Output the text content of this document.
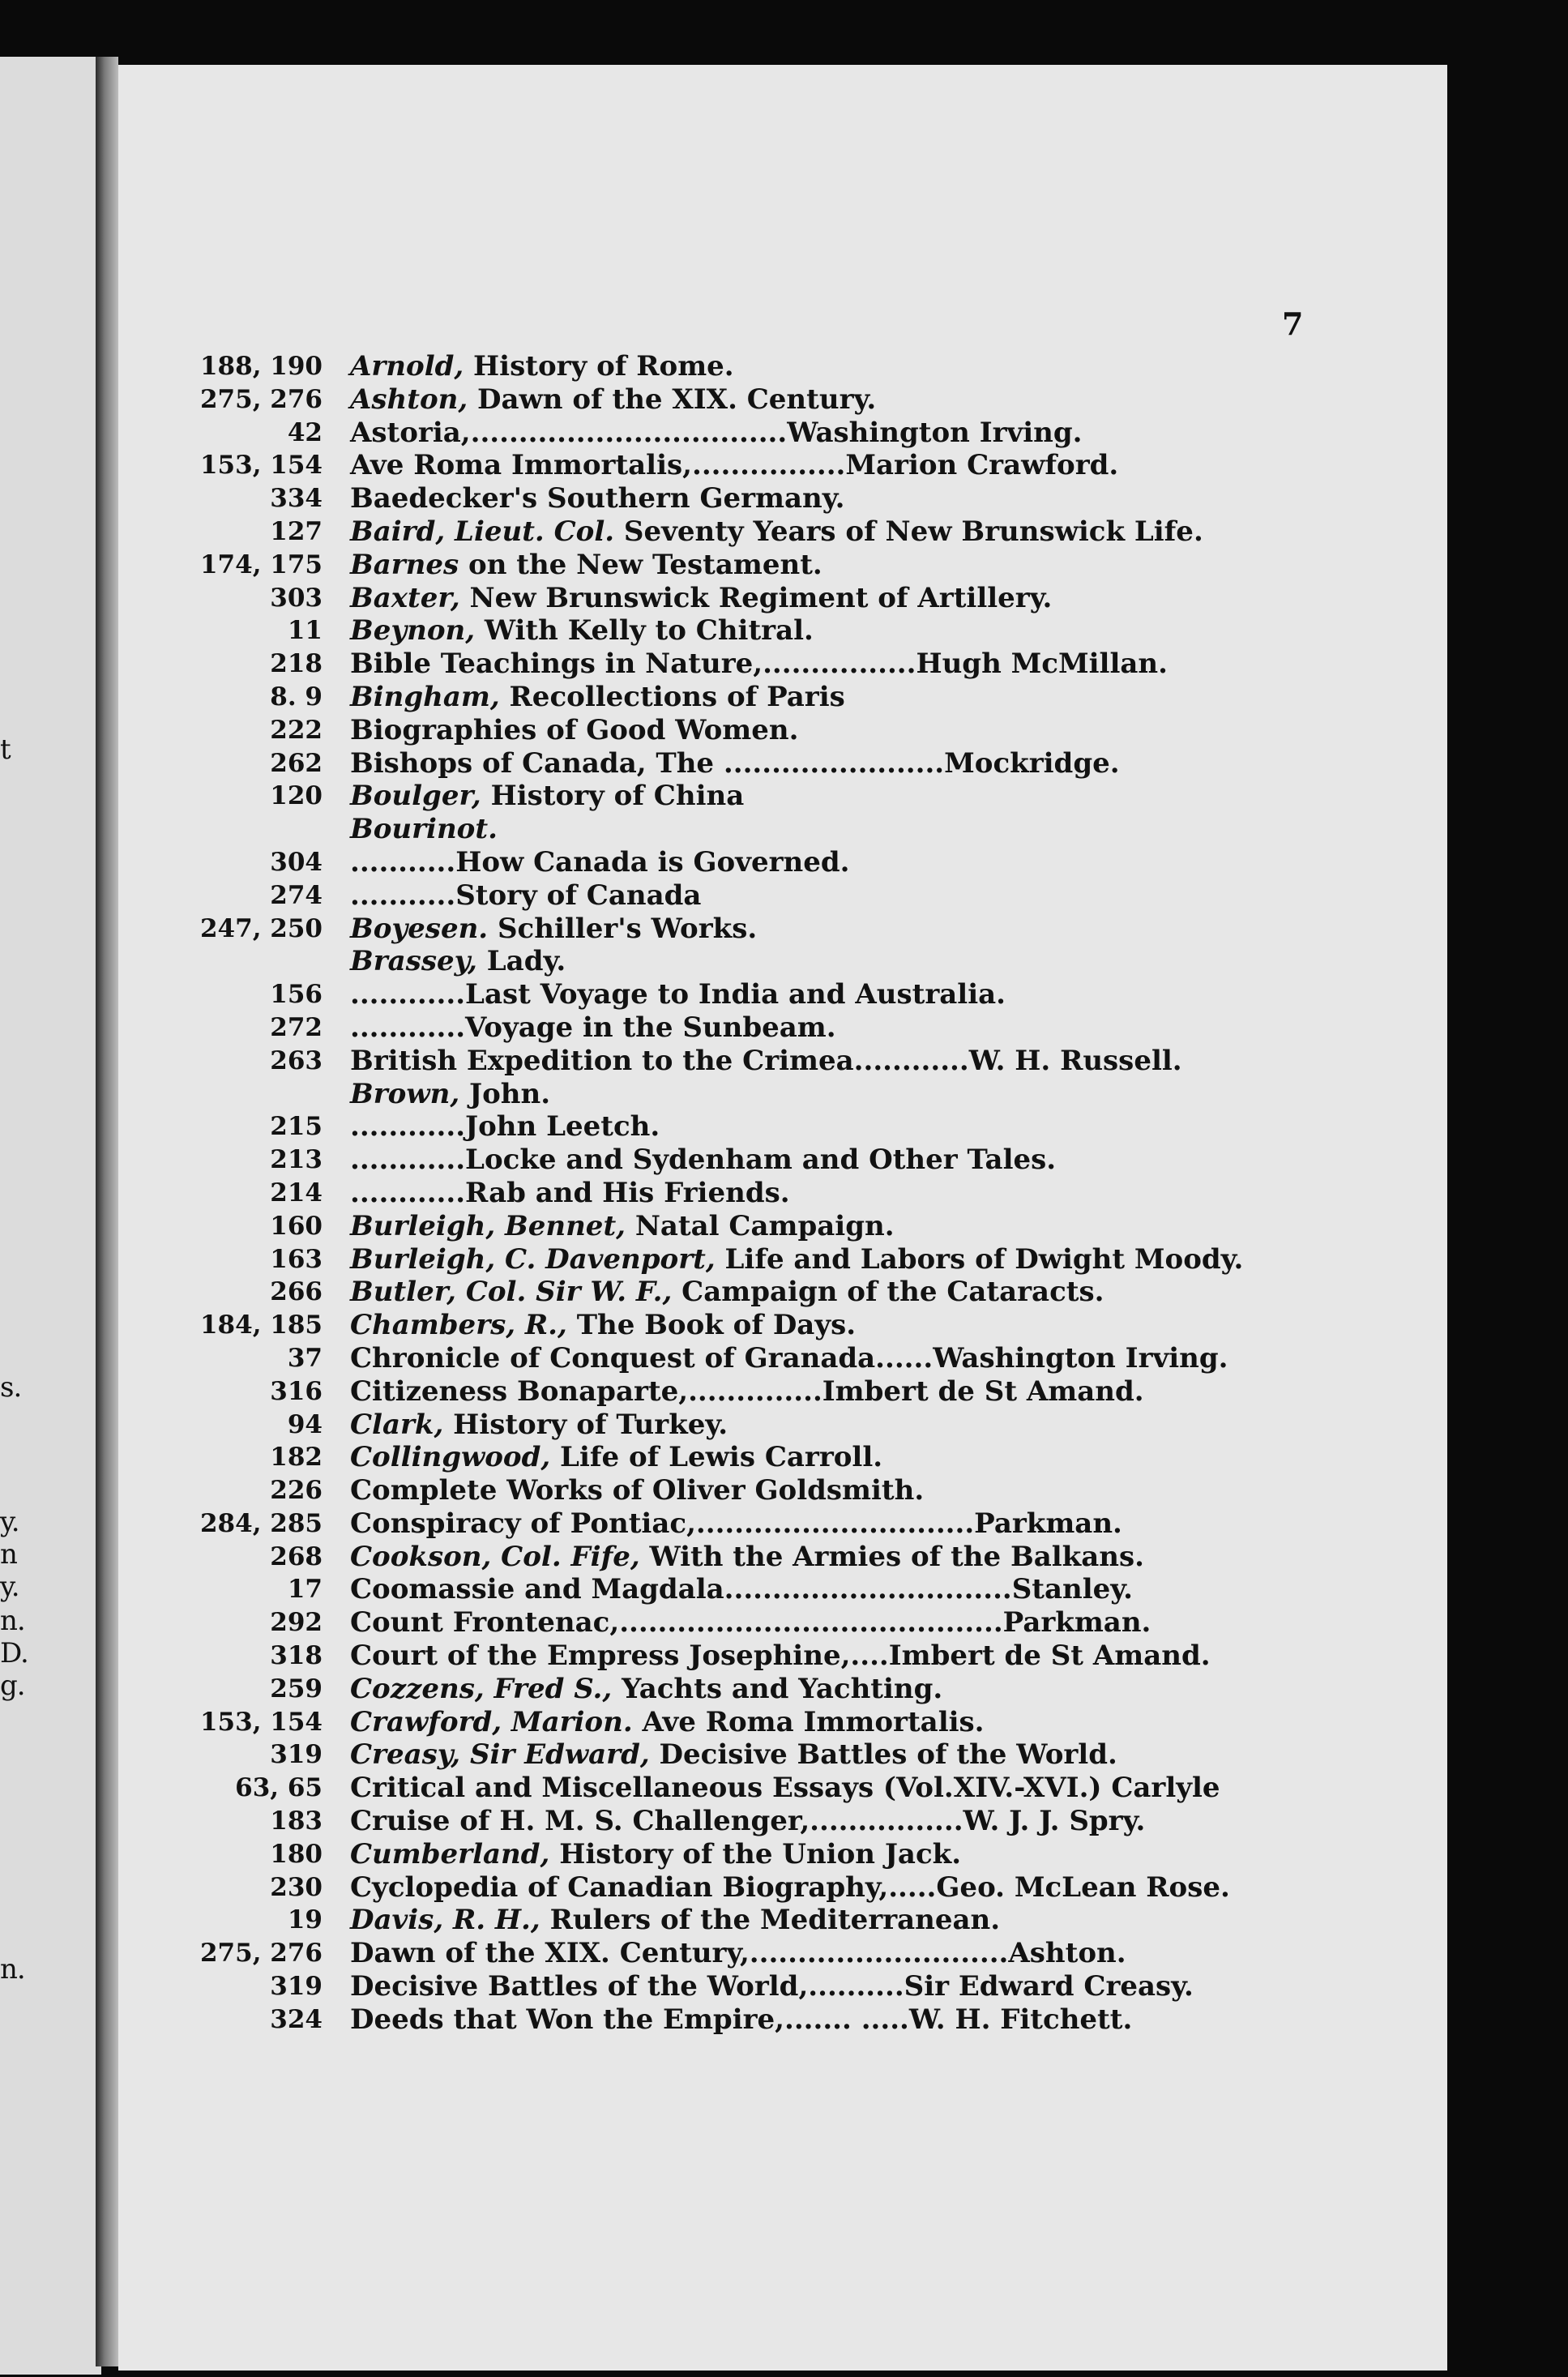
s.
y.
n
y.
n.
D.
g.
n.
t
7
188, 190 Arnold, History of Rome.
275, 276 Ashton, Dawn of the XIX. Century.
42 Astoria,.................................Washington Irving.
153, 154 Ave Roma Immortalis,................Marion Crawford.
334 Baedecker's Southern Germany.
127 Baird, Lieut. Col. Seventy Years of New Brunswick Life.
174, 175 Barnes on the New Testament.
303 Baxter, New Brunswick Regiment of Artillery.
11 Beynon, With Kelly to Chitral.
218 Bible Teachings in Nature,................Hugh McMillan.
8. 9 Bingham, Recollections of Paris
222 Biographies of Good Women.
262 Bishops of Canada, The .......................Mockridge.
120 Boulger, History of China
Bourinot.
304 ...........How Canada is Governed.
274 ...........Story of Canada
247, 250 Boyesen. Schiller's Works.
Brassey, Lady.
156 ............Last Voyage to India and Australia.
272 ............Voyage in the Sunbeam.
263 British Expedition to the Crimea............W. H. Russell.
Brown, John.
215 ............John Leetch.
213 ............Locke and Sydenham and Other Tales.
214 ............Rab and His Friends.
160 Burleigh, Bennet, Natal Campaign.
163 Burleigh, C. Davenport, Life and Labors of Dwight Moody.
266 Butler, Col. Sir W. F., Campaign of the Cataracts.
184, 185 Chambers, R., The Book of Days.
37 Chronicle of Conquest of Granada......Washington Irving.
316 Citizeness Bonaparte,..............Imbert de St Amand.
94 Clark, History of Turkey.
182 Collingwood, Life of Lewis Carroll.
226 Complete Works of Oliver Goldsmith.
284, 285 Conspiracy of Pontiac,.............................Parkman.
268 Cookson, Col. Fife, With the Armies of the Balkans.
17 Coomassie and Magdala..............................Stanley.
292 Count Frontenac,........................................Parkman.
318 Court of the Empress Josephine,....Imbert de St Amand.
259 Cozzens, Fred S., Yachts and Yachting.
153, 154 Crawford, Marion. Ave Roma Immortalis.
319 Creasy, Sir Edward, Decisive Battles of the World.
63, 65 Critical and Miscellaneous Essays (Vol.XIV.-XVI.) Carlyle
183 Cruise of H. M. S. Challenger,................W. J. J. Spry.
180 Cumberland, History of the Union Jack.
230 Cyclopedia of Canadian Biography,.....Geo. McLean Rose.
19 Davis, R. H., Rulers of the Mediterranean.
275, 276 Dawn of the XIX. Century,...........................Ashton.
319 Decisive Battles of the World,..........Sir Edward Creasy.
324 Deeds that Won the Empire,....... .....W. H. Fitchett.
